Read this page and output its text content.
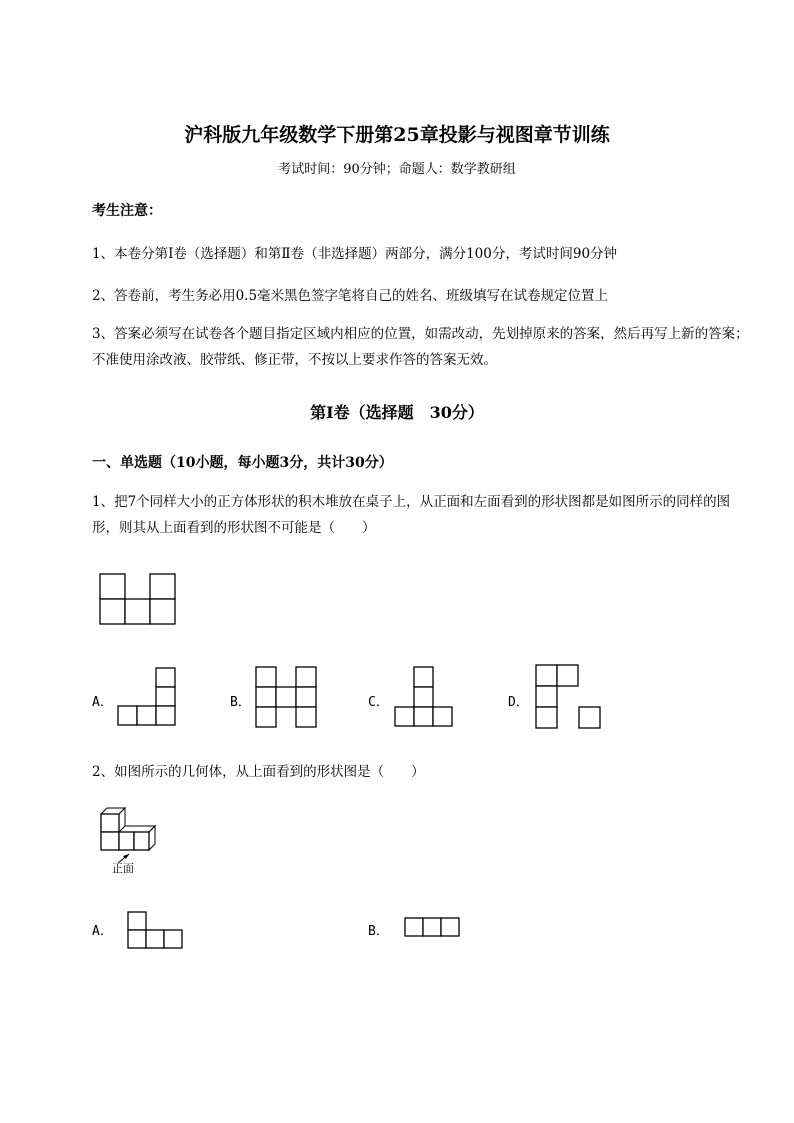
沪科版九年级数学下册第25章投影与视图章节训练
考试时间：90分钟；命题人：数学教研组
考生注意：
1、本卷分第I卷（选择题）和第Ⅱ卷（非选择题）两部分，满分100分，考试时间90分钟
2、答卷前，考生务必用0.5毫米黑色签字笔将自己的姓名、班级填写在试卷规定位置上
3、答案必须写在试卷各个题目指定区域内相应的位置，如需改动，先划掉原来的答案，然后再写上新的答案；不准使用涂改液、胶带纸、修正带，不按以上要求作答的答案无效。
第I卷（选择题　30分）
一、单选题（10小题，每小题3分，共计30分）
1、把7个同样大小的正方体形状的积木堆放在桌子上，从正面和左面看到的形状图都是如图所示的同样的图形，则其从上面看到的形状图不可能是（　　）
A．	B．	C．	D．
2、如图所示的几何体，从上面看到的形状图是（　　）
正面
A．	B．
